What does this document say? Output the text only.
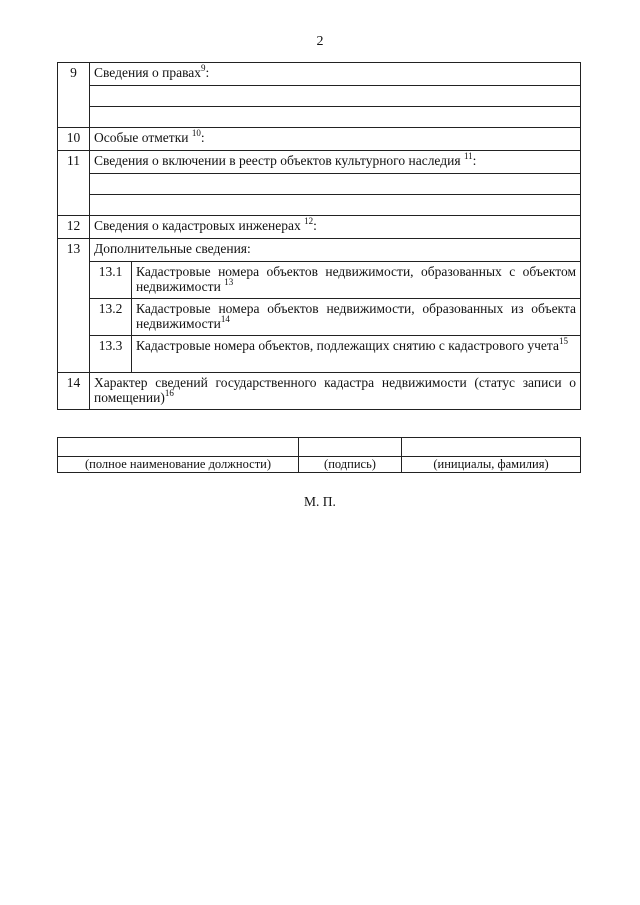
2
9	Сведения о правах$^9$:	

10	Особые отметки $^{10}$:	
11	Сведения о включении в реестр объектов культурного наследия $^{11}$:	

12	Сведения о кадастровых инженерах $^{12}$:	
13	Дополнительные сведения:	
	13.1	Кадастровые номера объектов недвижимости, образованных с объектом недвижимости $^{13}$
	13.2	Кадастровые номера объектов недвижимости, образованных из объекта недвижимости$^{14}$
	13.3	Кадастровые номера объектов, подлежащих снятию с кадастрового учета$^{15}$
14	Характер сведений государственного кадастра недвижимости (статус записи о помещении)$^{16}$

(полное наименование должности)	(подпись)	(инициалы, фамилия)
М. П.
